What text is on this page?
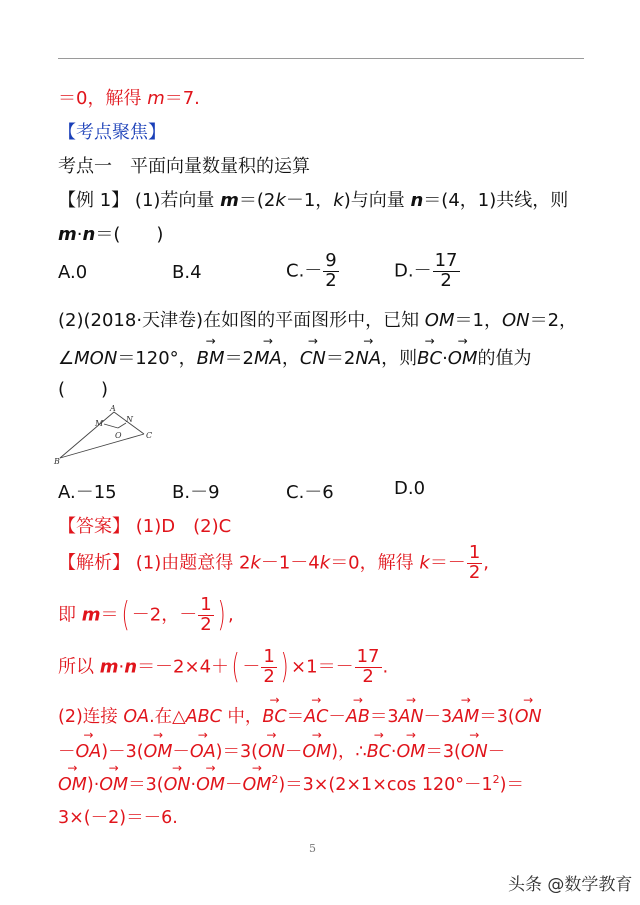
＝0，解得 m＝7.
【考点聚焦】
考点一　平面向量数量积的运算
【例 1】 (1)若向量 m＝(2k－1，k)与向量 n＝(4，1)共线，则
m·n＝(　　)
A.0	B.4	$C.- \frac{9}{2}$	$D.- \frac{17}{2}$
(2)(2018·天津卷)在如图的平面图形中，已知 OM＝1，ON＝2，
∠MON＝120°，→ BM＝2→ MA，→ CN＝2→ NA，则→ BC·→ OM的值为
(　　)
A
M	N
O	C
B
A.－15	B.－9	C.－6	D.0
【答案】 (1)D　(2)C
【解析】 (1)由题意得 2k－1－4k＝0，解得 $k=- \frac{1}{2}$ ,
即 m＝( －2，－ $\frac{1}{2}$ ) ,
所以 $m\cdot n=-2\times 4+( - \frac{1}{2}$ ) $\times 1=- \frac{17}{2}$ .
(2)连接 OA.在△ABC 中，→ BC＝→ AC－→ AB＝3→ AN－3→ AM＝3(→ ON
－→ OA)－3(→ OM－→ OA)＝3(→ ON－→ OM)，∴→ BC·→ OM＝3(→ ON－
→ $OM)\cdot\to OM=3(\to ON\cdot\to OM-\to OM^2)=3\times(2\times 1\times\cos$ $120^\circ-1^2)=$
3×(－2)＝－6.
5
头条 @数学教育
